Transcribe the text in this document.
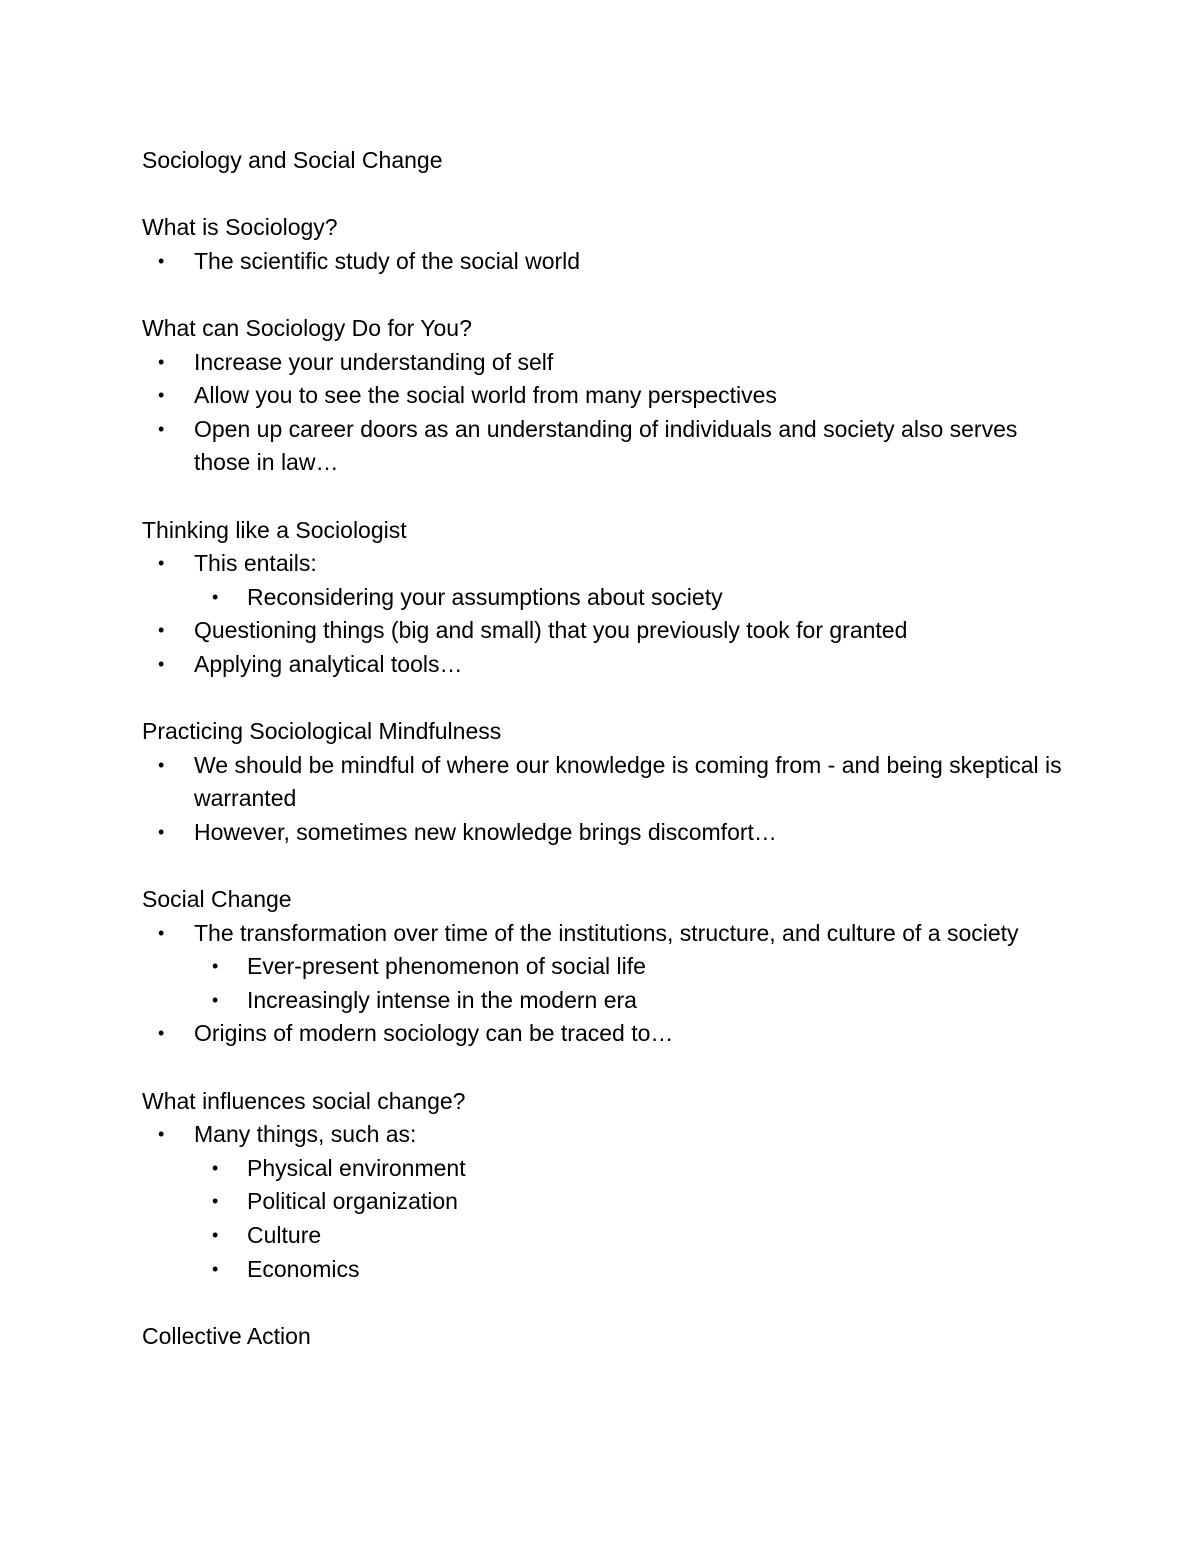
Sociology and Social Change
What is Sociology?
• The scientific study of the social world
What can Sociology Do for You?
• Increase your understanding of self
• Allow you to see the social world from many perspectives
• Open up career doors as an understanding of individuals and society also serves those in law…
Thinking like a Sociologist
• This entails:
• Reconsidering your assumptions about society
• Questioning things (big and small) that you previously took for granted
• Applying analytical tools…
Practicing Sociological Mindfulness
• We should be mindful of where our knowledge is coming from - and being skeptical is warranted
• However, sometimes new knowledge brings discomfort…
Social Change
• The transformation over time of the institutions, structure, and culture of a society
• Ever-present phenomenon of social life
• Increasingly intense in the modern era
• Origins of modern sociology can be traced to…
What influences social change?
• Many things, such as:
• Physical environment
• Political organization
• Culture
• Economics
Collective Action
